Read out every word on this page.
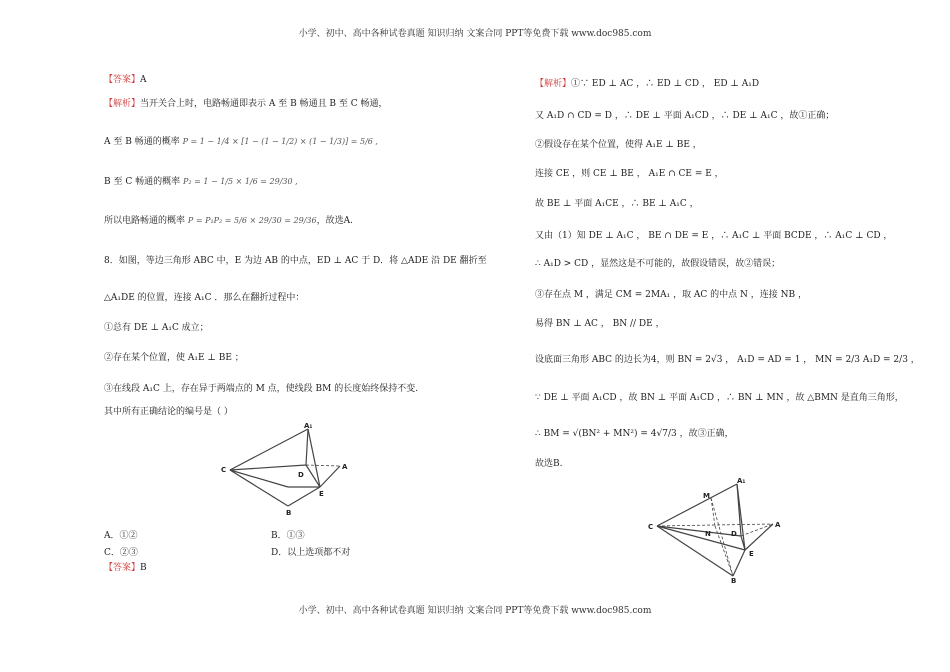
小学、初中、高中各种试卷真题 知识归纳 文案合同 PPT等免费下载 www.doc985.com
【答案】A
【解析】当开关合上时，电路畅通即表示 A 至 B 畅通且 B 至 C 畅通，
A 至 B 畅通的概率 P = 1 − 1/4 × [1 − (1 − 1/2) × (1 − 1/3)] = 5/6 ,
B 至 C 畅通的概率 P₂ = 1 − 1/5 × 1/6 = 29/30 ,
所以电路畅通的概率 P = P₁P₂ = 5/6 × 29/30 = 29/36，故选A.
8．如图，等边三角形 ABC 中，E 为边 AB 的中点，ED ⊥ AC 于 D．将 △ADE 沿 DE 翻折至
△A₁DE 的位置，连接 A₁C ．那么在翻折过程中：
①总有 DE ⊥ A₁C 成立；
②存在某个位置，使 A₁E ⊥ BE ；
③在线段 A₁C 上，存在异于两端点的 M 点，使线段 BM 的长度始终保持不变.
其中所有正确结论的编号是（ ）
A₁
C
D
A
E
B
A．①②	B．①③
C．②③	D．以上选项都不对
【答案】B
【解析】①∵ ED ⊥ AC ，∴ ED ⊥ CD ， ED ⊥ A₁D
又 A₁D ∩ CD = D ，∴ DE ⊥ 平面 A₁CD ，∴ DE ⊥ A₁C ，故①正确；
②假设存在某个位置，使得 A₁E ⊥ BE ，
连接 CE ，则 CE ⊥ BE ， A₁E ∩ CE = E ，
故 BE ⊥ 平面 A₁CE ，∴ BE ⊥ A₁C ，
又由（1）知 DE ⊥ A₁C ， BE ∩ DE = E ，∴ A₁C ⊥ 平面 BCDE ，∴ A₁C ⊥ CD ，
∴ A₁D > CD ，显然这是不可能的，故假设错误，故②错误；
③存在点 M ，满足 CM = 2MA₁ ，取 AC 的中点 N ，连接 NB ，
易得 BN ⊥ AC ， BN // DE ，
设底面三角形 ABC 的边长为4，则 BN = 2√3 ， A₁D = AD = 1 ， MN = 2/3 A₁D = 2/3 ，
∵ DE ⊥ 平面 A₁CD ，故 BN ⊥ 平面 A₁CD ，∴ BN ⊥ MN ，故 △BMN 是直角三角形，
∴ BM = √(BN² + MN²) = 4√7/3 ，故③正确，
故选B.
A₁
M
C
N	D
A
E
B
小学、初中、高中各种试卷真题 知识归纳 文案合同 PPT等免费下载 www.doc985.com
